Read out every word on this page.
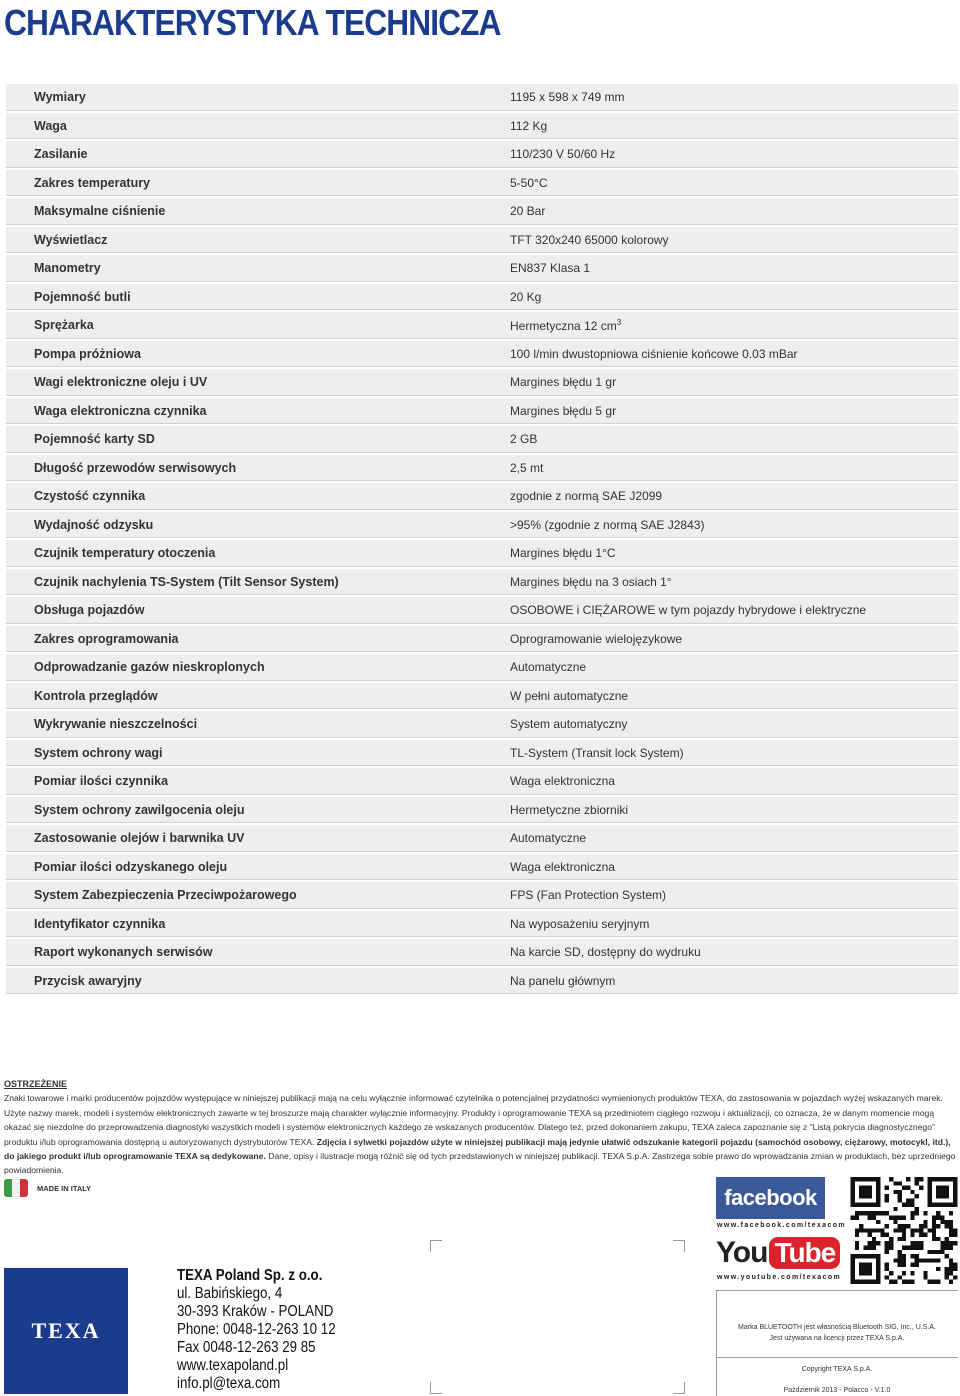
CHARAKTERYSTYKA TECHNICZA
Wymiary	1195 x 598 x 749 mm
Waga	112 Kg
Zasilanie	110/230 V 50/60 Hz
Zakres temperatury	5-50°C
Maksymalne ciśnienie	20 Bar
Wyświetlacz	TFT 320x240 65000 kolorowy
Manometry	EN837 Klasa 1
Pojemność butli	20 Kg
Sprężarka	Hermetyczna 12 $cm^3$
Pompa próżniowa	100 l/min dwustopniowa ciśnienie końcowe 0.03 mBar
Wagi elektroniczne oleju i UV	Margines błędu 1 gr
Waga elektroniczna czynnika	Margines błędu 5 gr
Pojemność karty SD	2 GB
Długość przewodów serwisowych	2,5 mt
Czystość czynnika	zgodnie z normą SAE J2099
Wydajność odzysku	>95% (zgodnie z normą SAE J2843)
Czujnik temperatury otoczenia	Margines błędu 1°C
Czujnik nachylenia TS-System (Tilt Sensor System)	Margines błędu na 3 osiach 1°
Obsługa pojazdów	OSOBOWE i CIĘŻAROWE w tym pojazdy hybrydowe i elektryczne
Zakres oprogramowania	Oprogramowanie wielojęzykowe
Odprowadzanie gazów nieskroplonych	Automatyczne
Kontrola przeglądów	W pełni automatyczne
Wykrywanie nieszczelności	System automatyczny
System ochrony wagi	TL-System (Transit lock System)
Pomiar ilości czynnika	Waga elektroniczna
System ochrony zawilgocenia oleju	Hermetyczne zbiorniki
Zastosowanie olejów i barwnika UV	Automatyczne
Pomiar ilości odzyskanego oleju	Waga elektroniczna
System Zabezpieczenia Przeciwpożarowego	FPS (Fan Protection System)
Identyfikator czynnika	Na wyposażeniu seryjnym
Raport wykonanych serwisów	Na karcie SD, dostępny do wydruku
Przycisk awaryjny	Na panelu głównym
OSTRZEŻENIE
Znaki towarowe i marki producentów pojazdów występujące w niniejszej publikacji mają na celu wyłącznie informować czytelnika o potencjalnej przydatności wymienionych produktów TEXA, do zastosowania w pojazdach wyżej wskazanych marek. Użyte nazwy marek, modeli i systemów elektronicznych zawarte w tej broszurze mają charakter wyłącznie informacyjny. Produkty i oprogramowanie TEXA są przedmiotem ciągłego rozwoju i aktualizacji, co oznacza, że w danym momencie mogą okazać się niezdolne do przeprowadzenia diagnostyki wszystkich modeli i systemów elektronicznych każdego ze wskazanych producentów. Dlatego też, przed dokonaniem zakupu, TEXA zaleca zapoznanie się z “Listą pokrycia diagnostycznego” produktu i/lub oprogramowania dostępną u autoryzowanych dystrybutorów TEXA. Zdjęcia i sylwetki pojazdów użyte w niniejszej publikacji mają jedynie ułatwić odszukanie kategorii pojazdu (samochód osobowy, ciężarowy, motocykl, itd.), do jakiego produkt i/lub oprogramowanie TEXA są dedykowane. Dane, opisy i ilustracje mogą różnić się od tych przedstawionych w niniejszej publikacji. TEXA S.p.A. Zastrzega sobie prawo do wprowadzania zmian w produktach, bez uprzedniego powiadomienia.
MADE IN ITALY
TEXA
TEXA Poland Sp. z o.o.
ul. Babińskiego, 4
30-393 Kraków - POLAND
Phone: 0048-12-263 10 12
Fax 0048-12-263 29 85
www.texapoland.pl
info.pl@texa.com
facebook
www.facebook.com/texacom
You Tube
www.youtube.com/texacom
Marka BLUETOOTH jest własnością Bluetooth SIG, Inc., U.S.A.
Jest używana na licencji przez TEXA S.p.A.
Copyright TEXA S.p.A.
Październik 2013 - Polacco - V.1.0
